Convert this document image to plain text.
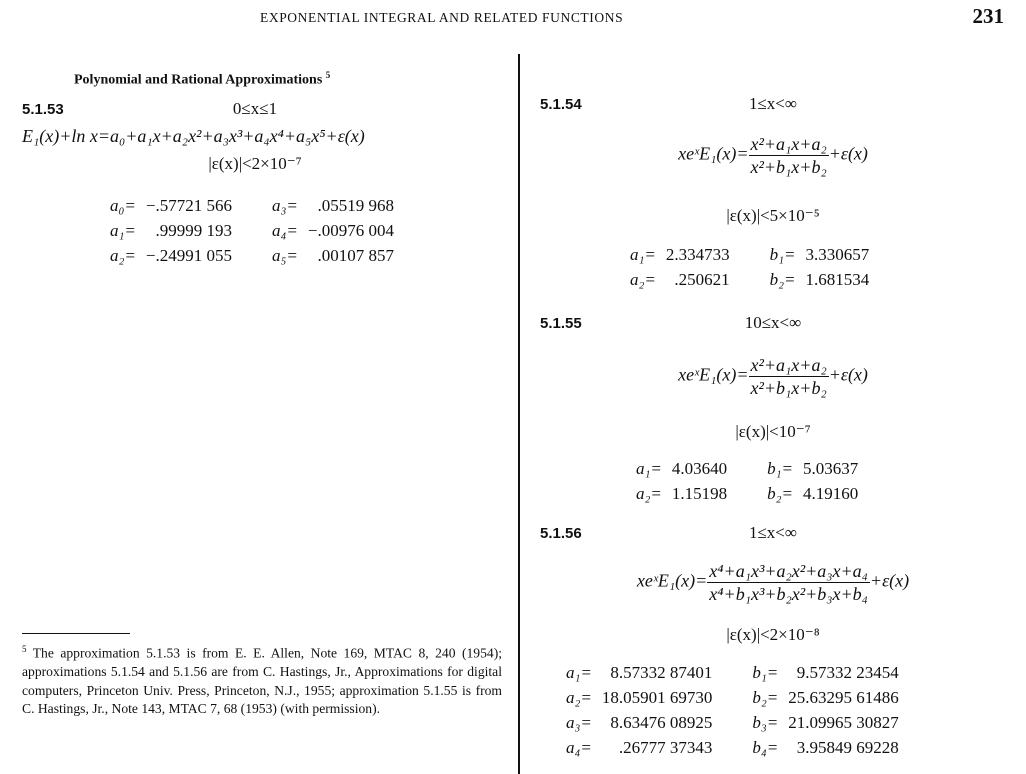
EXPONENTIAL INTEGRAL AND RELATED FUNCTIONS	231
Polynomial and Rational Approximations $^5$
5.1.53	0≤x≤1
E₁(x)+ln x=a₀+a₁x+a₂x²+a₃x³+a₄x⁴+a₅x⁵+ε(x)
|ε(x)|<2×10⁻⁷
a₀=	−.57721 566	a₃=	.05519 968
a₁=	.99999 193	a₄=	−.00976 004
a₂=	−.24991 055	a₅=	.00107 857
5.1.54	1≤x<∞
xeˣE₁(x)= $\frac{\text{x²+a₁x+a₂}}{\text{x²+b₁x+b₂}} +\varepsilon(x)$
|ε(x)|<5×10⁻⁵
a₁=	2.334733	b₁=	3.330657
a₂=	.250621	b₂=	1.681534
5.1.55	10≤x<∞
xeˣE₁(x)= $\frac{\text{x²+a₁x+a₂}}{\text{x²+b₁x+b₂}} +\varepsilon(x)$
|ε(x)|<10⁻⁷
a₁=	4.03640	b₁=	5.03637
a₂=	1.15198	b₂=	4.19160
5.1.56	1≤x<∞
xeˣE₁(x)= $\frac{\text{x⁴+a₁x³+a₂x²+a₃x+a₄}}{\text{x⁴+b₁x³+b₂x²+b₃x+b₄}} +\varepsilon(x)$
|ε(x)|<2×10⁻⁸
a₁=	8.57332 87401	b₁=	9.57332 23454
a₂=	18.05901 69730	b₂=	25.63295 61486
a₃=	8.63476 08925	b₃=	21.09965 30827
a₄=	.26777 37343	b₄=	3.95849 69228
$^5$ The approximation 5.1.53 is from E. E. Allen, Note 169, MTAC 8, 240 (1954); approximations 5.1.54 and 5.1.56 are from C. Hastings, Jr., Approximations for digital computers, Princeton Univ. Press, Princeton, N.J., 1955; approximation 5.1.55 is from C. Hastings, Jr., Note 143, MTAC 7, 68 (1953) (with permission).
